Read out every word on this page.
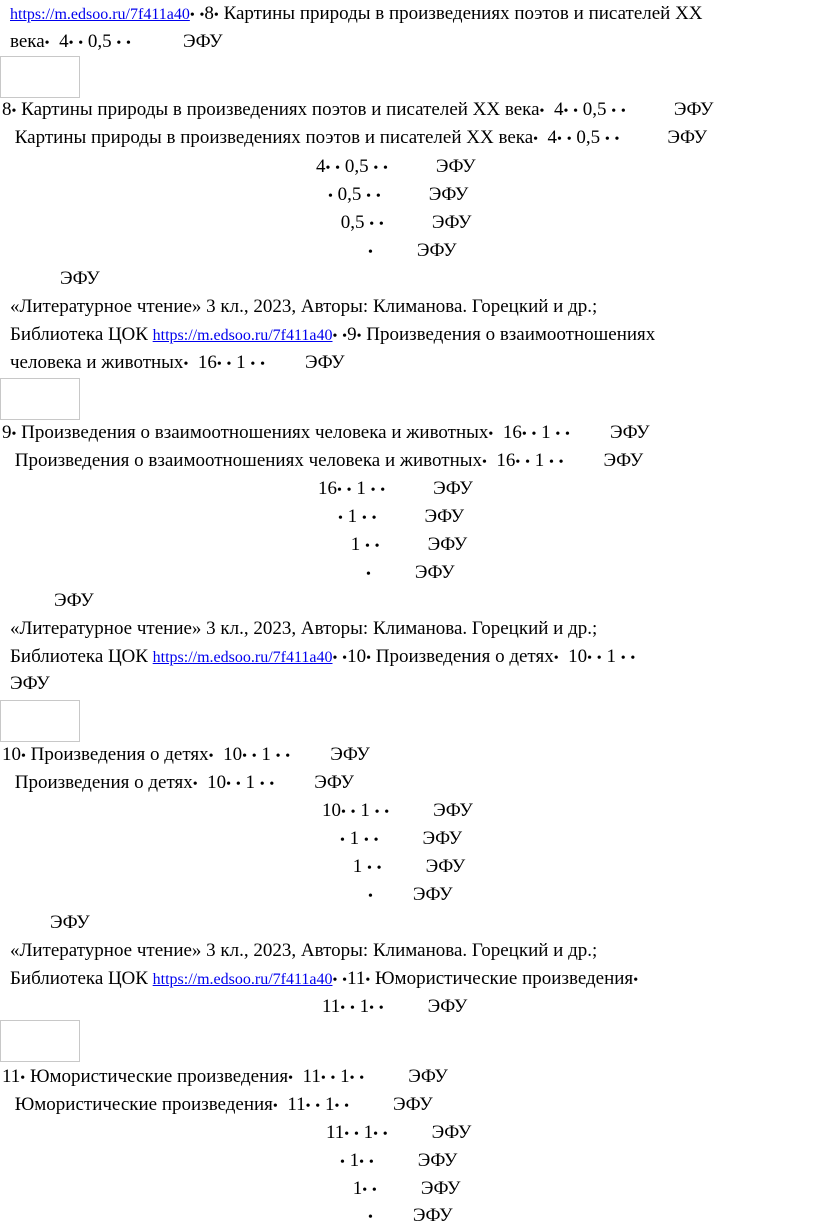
https://m.edsoo.ru/7f411a40• •8• Картины природы в произведениях поэтов и писателей XX
века• 4• • 0,5 • •	ЭФУ
8• Картины природы в произведениях поэтов и писателей XX века• 4• • 0,5 • •	ЭФУ
Картины природы в произведениях поэтов и писателей XX века• 4• • 0,5 • •	ЭФУ
4• • 0,5 • •	ЭФУ
• 0,5 • •	ЭФУ
0,5 • •	ЭФУ
• ЭФУ
ЭФУ
«Литературное чтение» 3 кл., 2023, Авторы: Климанова. Горецкий и др.;
Библиотека ЦОК https://m.edsoo.ru/7f411a40• •9• Произведения о взаимоотношениях
человека и животных• 16• • 1 • • ЭФУ
9• Произведения о взаимоотношениях человека и животных• 16• • 1 • • ЭФУ
Произведения о взаимоотношениях человека и животных• 16• • 1 • • ЭФУ
16• • 1 • •	ЭФУ
• 1 • •	ЭФУ
1 • •	ЭФУ
• ЭФУ
ЭФУ
«Литературное чтение» 3 кл., 2023, Авторы: Климанова. Горецкий и др.;
Библиотека ЦОК https://m.edsoo.ru/7f411a40• •10• Произведения о детях• 10• • 1 • •
ЭФУ
10• Произведения о детях• 10• • 1 • • ЭФУ
Произведения о детях• 10• • 1 • • ЭФУ
10• • 1 • • ЭФУ
• 1 • • ЭФУ
1 • • ЭФУ
• ЭФУ
ЭФУ
«Литературное чтение» 3 кл., 2023, Авторы: Климанова. Горецкий и др.;
Библиотека ЦОК https://m.edsoo.ru/7f411a40• •11• Юмористические произведения•
11• • 1• • ЭФУ
11• Юмористические произведения• 11• • 1• • ЭФУ
Юмористические произведения• 11• • 1• • ЭФУ
11• • 1• • ЭФУ
• 1• • ЭФУ
1• • ЭФУ
• ЭФУ
